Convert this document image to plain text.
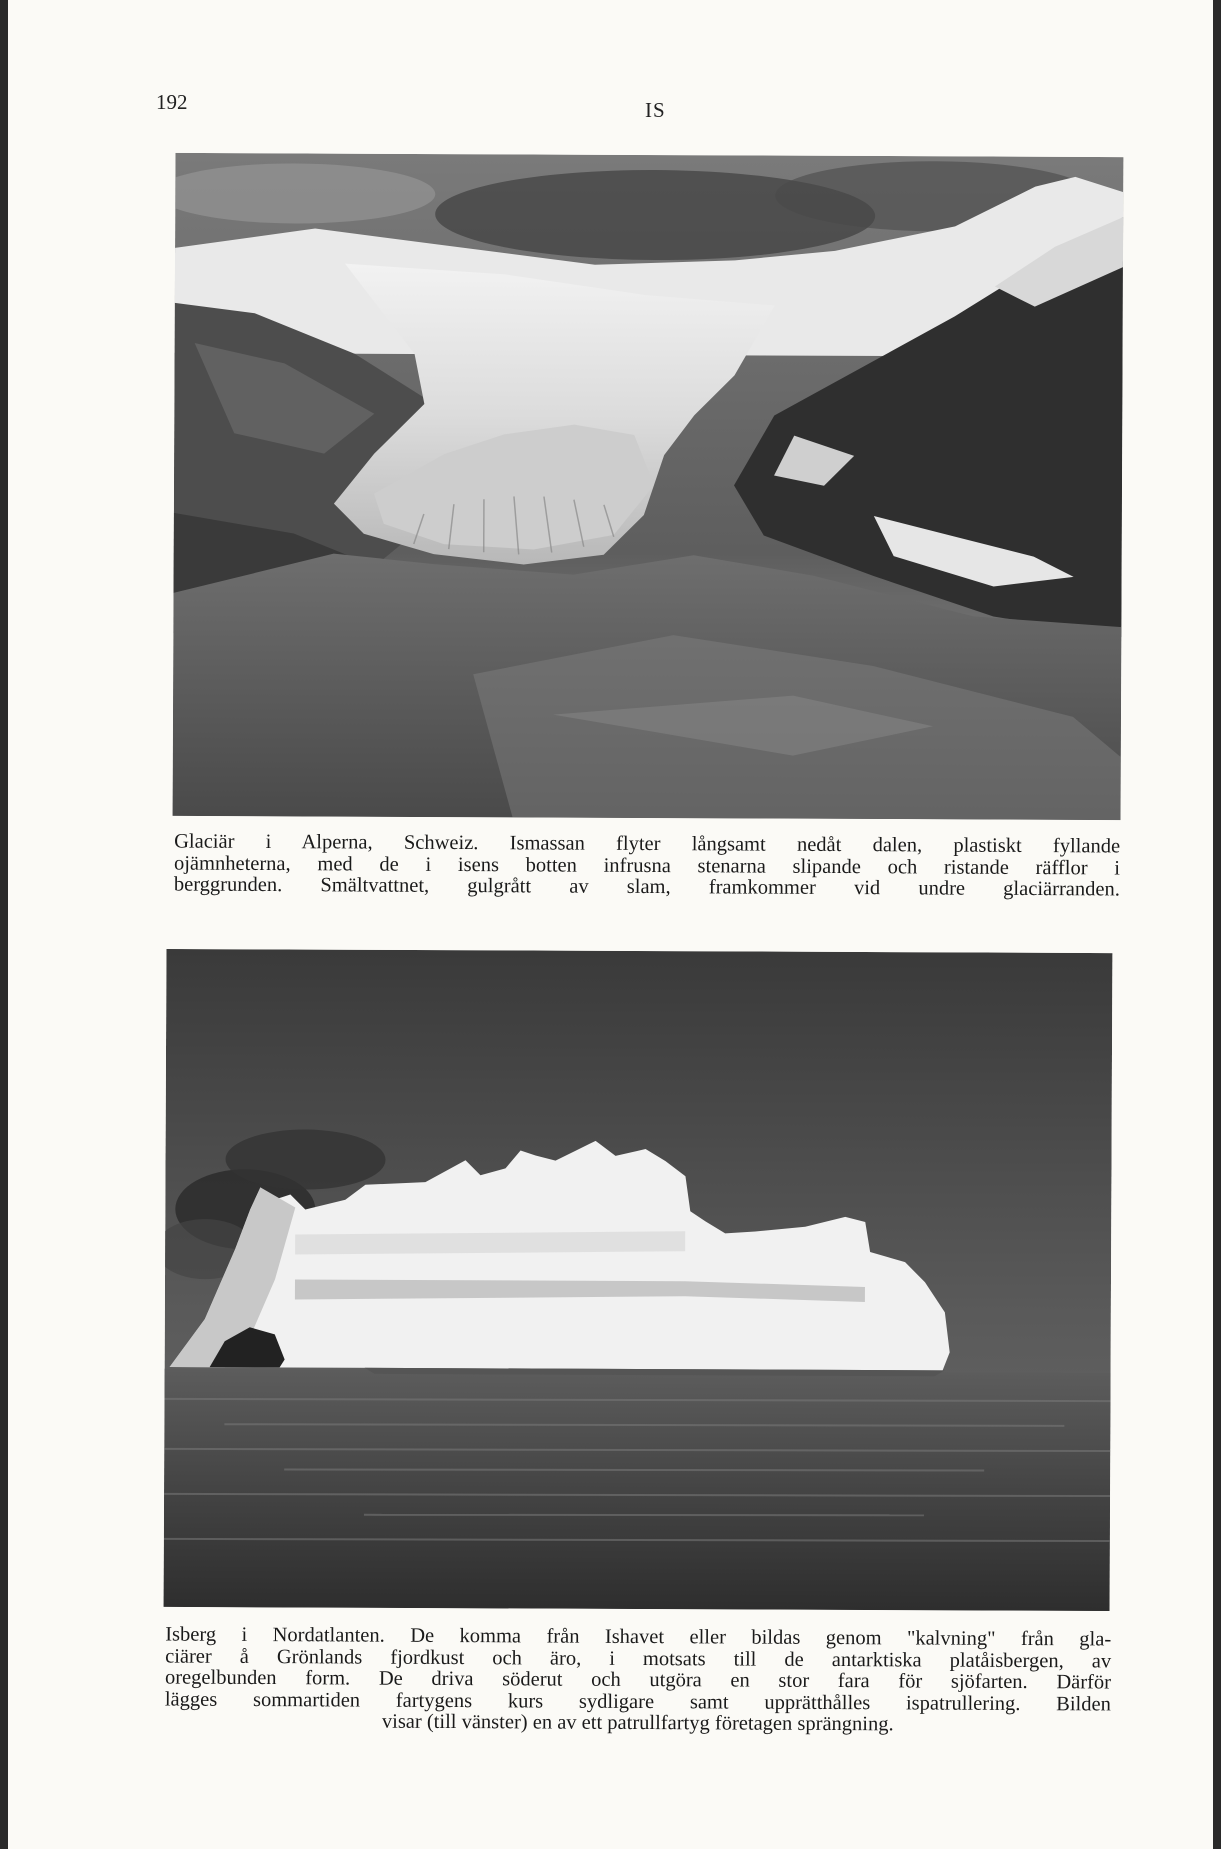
192	IS

Glaciär i Alperna, Schweiz. Ismassan flyter långsamt nedåt dalen, plastiskt fyllande

ojämnheterna, med de i isens botten infrusna stenarna slipande och ristande räfflor i

berggrunden. Smältvattnet, gulgrått av slam, framkommer vid undre glaciärranden.

Isberg i Nordatlanten. De komma från Ishavet eller bildas genom "kalvning" från gla-

ciärer å Grönlands fjordkust och äro, i motsats till de antarktiska platåisbergen, av

oregelbunden form. De driva söderut och utgöra en stor fara för sjöfarten. Därför

lägges sommartiden fartygens kurs sydligare samt upprätthålles ispatrullering. Bilden

visar (till vänster) en av ett patrullfartyg företagen sprängning.
